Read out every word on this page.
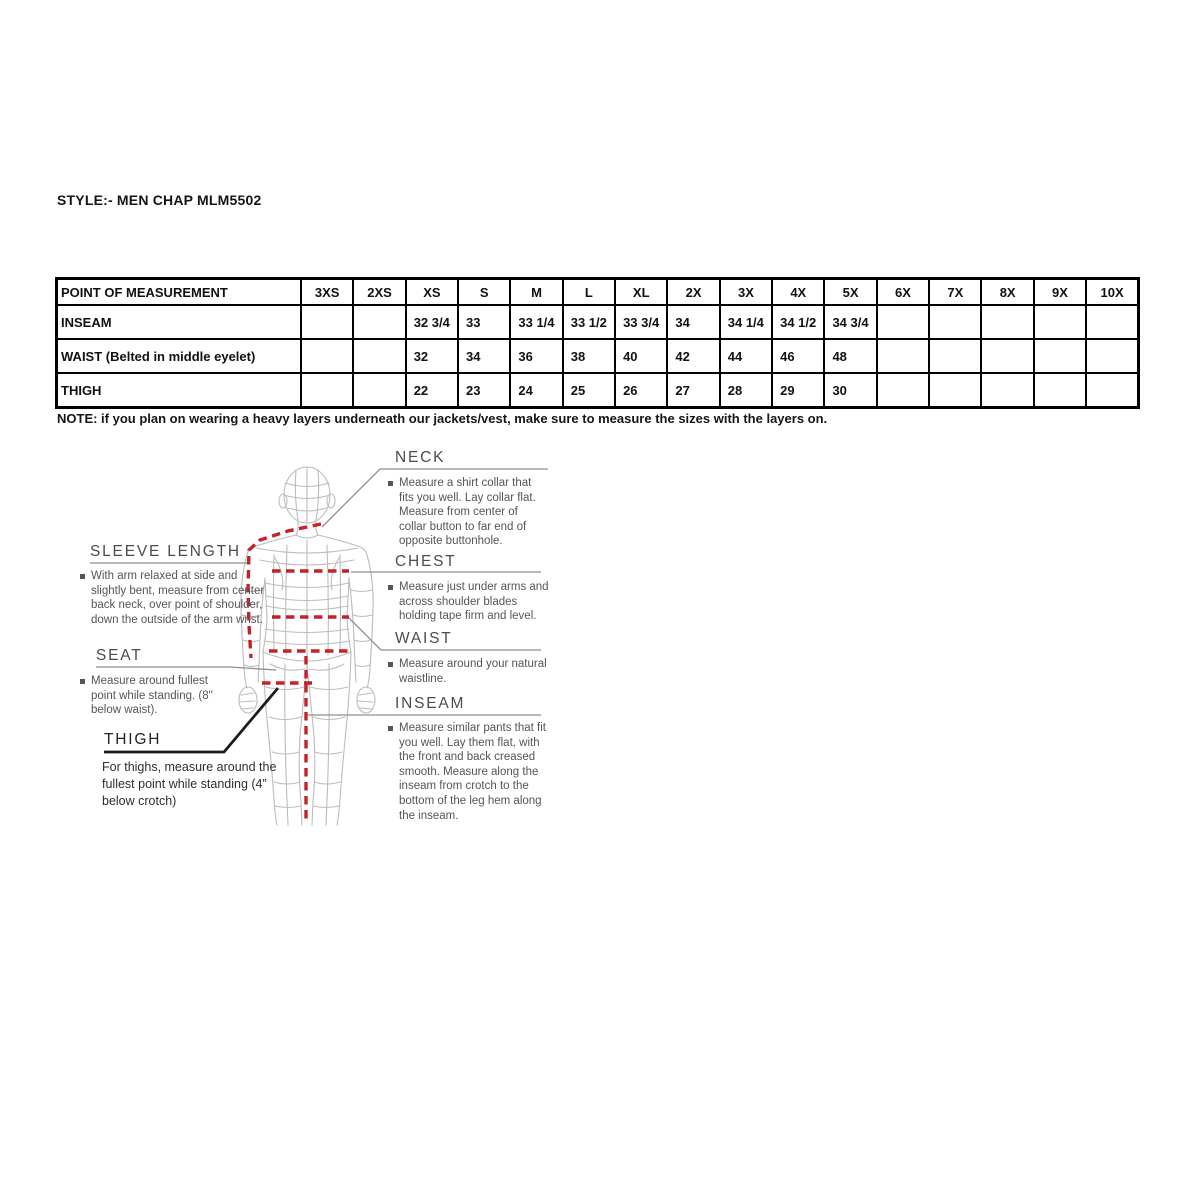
STYLE:- MEN CHAP MLM5502
POINT OF MEASUREMENT	3XS	2XS	XS	S	M	L	XL	2X	3X	4X	5X	6X	7X	8X	9X	10X
INSEAM			32 3/4	33	33 1/4	33 1/2	33 3/4	34	34 1/4	34 1/2	34 3/4					
WAIST (Belted in middle eyelet)			32	34	36	38	40	42	44	46	48					
THIGH			22	23	24	25	26	27	28	29	30					
NOTE: if you plan on wearing a heavy layers underneath our jackets/vest, make sure to measure the sizes with the layers on.
NECK
Measure a shirt collar that fits you well. Lay collar flat. Measure from center of collar button to far end of opposite buttonhole.
CHEST
Measure just under arms and across shoulder blades holding tape firm and level.
WAIST
Measure around your natural waistline.
INSEAM
Measure similar pants that fit you well. Lay them flat, with the front and back creased smooth. Measure along the inseam from crotch to the bottom of the leg hem along the inseam.
SLEEVE LENGTH
With arm relaxed at side and slightly bent, measure from center back neck, over point of shoulder, down the outside of the arm wrist.
SEAT
Measure around fullest point while standing. (8" below waist).
THIGH
For thighs, measure around the fullest point while standing (4” below crotch)
